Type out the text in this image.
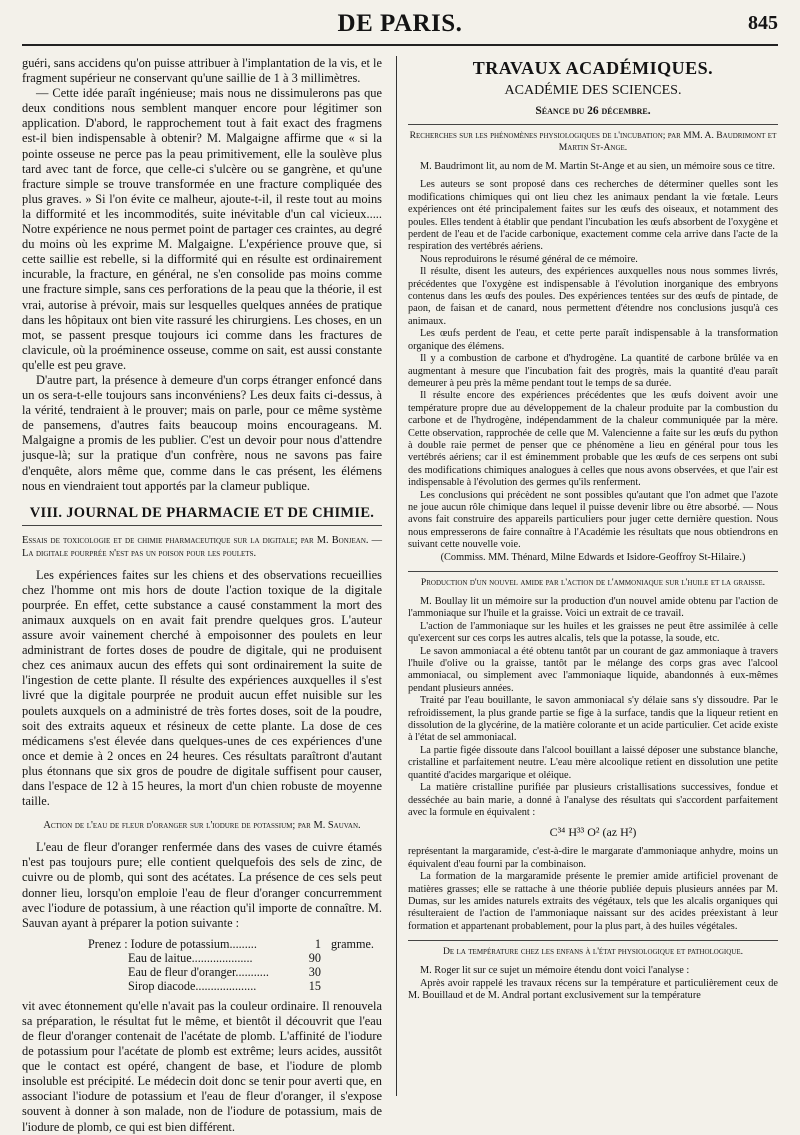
DE PARIS.	845

guéri, sans accidens qu'on puisse attribuer à l'implantation de la vis, et le fragment supérieur ne conservant qu'une saillie de 1 à 3 millimètres.

— Cette idée paraît ingénieuse; mais nous ne dissimulerons pas que deux conditions nous semblent manquer encore pour légitimer son application. D'abord, le rapprochement tout à fait exact des fragmens est-il bien indispensable à obtenir? M. Malgaigne affirme que « si la pointe osseuse ne perce pas la peau primitivement, elle la soulève plus tard avec tant de force, que celle-ci s'ulcère ou se gangrène, et qu'une fracture simple se trouve transformée en une fracture compliquée des plus graves. » Si l'on évite ce malheur, ajoute-t-il, il reste tout au moins la difformité et les incommodités, suite inévitable d'un cal vicieux..... Notre expérience ne nous permet point de partager ces craintes, au degré du moins où les exprime M. Malgaigne. L'expérience prouve que, si cette saillie est rebelle, si la difformité qui en résulte est ordinairement incurable, la fracture, en général, ne s'en consolide pas moins comme une fracture simple, sans ces perforations de la peau que la théorie, il est vrai, autorise à prévoir, mais sur lesquelles quelques années de pratique dans les hôpitaux ont bien vite rassuré les chirurgiens. Les choses, en un mot, se passent presque toujours ici comme dans les fractures de clavicule, où la proéminence osseuse, comme on sait, est aussi constante qu'elle est peu grave.

D'autre part, la présence à demeure d'un corps étranger enfoncé dans un os sera-t-elle toujours sans inconvéniens? Les deux faits ci-dessus, à la vérité, tendraient à le prouver; mais on parle, pour ce même système de pansemens, d'autres faits beaucoup moins encourageans. M. Malgaigne a promis de les publier. C'est un devoir pour nous d'attendre jusque-là; sur la pratique d'un confrère, nous ne savons pas faire d'enquête, alors même que, comme dans le cas présent, les élémens nous en viendraient tout apportés par la clameur publique.

VIII. JOURNAL DE PHARMACIE ET DE CHIMIE.
Essais de toxicologie et de chimie pharmaceutique sur la digitale; par M. Bonjean. — La digitale pourprée n'est pas un poison pour les poulets.

Les expériences faites sur les chiens et des observations recueillies chez l'homme ont mis hors de doute l'action toxique de la digitale pourprée. En effet, cette substance a causé constamment la mort des animaux auxquels on en avait fait prendre quelques gros. L'auteur assure avoir vainement cherché à empoisonner des poulets en leur administrant de fortes doses de poudre de digitale, qui ne produisent chez ces animaux aucun des effets qui sont ordinairement la suite de l'ingestion de cette plante. Il résulte des expériences auxquelles il s'est livré que la digitale pourprée ne produit aucun effet nuisible sur les poulets auxquels on a administré de très fortes doses, soit de la poudre, soit des extraits aqueux et résineux de cette plante. La dose de ces médicamens s'est élevée dans quelques-unes de ces expériences d'une once et demie à 2 onces en 24 heures. Ces résultats paraîtront d'autant plus étonnans que six gros de poudre de digitale suffisent pour causer, dans l'espace de 12 à 15 heures, la mort d'un chien robuste de moyenne taille.

Action de l'eau de fleur d'oranger sur l'iodure de potassium; par M. Sauvan.

L'eau de fleur d'oranger renfermée dans des vases de cuivre étamés n'est pas toujours pure; elle contient quelquefois des sels de zinc, de cuivre ou de plomb, qui sont des acétates. La présence de ces sels peut donner lieu, lorsqu'on emploie l'eau de fleur d'oranger concurremment avec l'iodure de potassium, à une réaction qu'il importe de connaître. M. Sauvan ayant à préparer la potion suivante :

Prenez : Iodure de potassium.........	1	gramme.
Eau de laitue....................	90	
Eau de fleur d'oranger...........	30	
Sirop diacode....................	15	

vit avec étonnement qu'elle n'avait pas la couleur ordinaire. Il renouvela sa préparation, le résultat fut le même, et bientôt il découvrit que l'eau de fleur d'oranger contenait de l'acétate de plomb. L'affinité de l'iodure de potassium pour l'acétate de plomb est extrême; leurs acides, aussitôt que le contact est opéré, changent de base, et l'iodure de plomb insoluble est précipité. Le médecin doit donc se tenir pour averti que, en associant l'iodure de potassium et l'eau de fleur d'oranger, il s'expose souvent à donner à son malade, non de l'iodure de potassium, mais de l'iodure de plomb, ce qui est bien différent.

TRAVAUX ACADÉMIQUES.
ACADÉMIE DES SCIENCES.
Séance du 26 décembre.
Recherches sur les phénomènes physiologiques de l'incubation; par MM. A. Baudrimont et Martin St-Ange.

M. Baudrimont lit, au nom de M. Martin St-Ange et au sien, un mémoire sous ce titre.

Les auteurs se sont proposé dans ces recherches de déterminer quelles sont les modifications chimiques qui ont lieu chez les animaux pendant la vie fœtale. Leurs expériences ont été principalement faites sur les œufs des oiseaux, et notamment des poules. Elles tendent à établir que pendant l'incubation les œufs absorbent de l'oxygène et perdent de l'eau et de l'acide carbonique, exactement comme cela arrive dans l'acte de la respiration des vertébrés aériens.

Nous reproduirons le résumé général de ce mémoire.

Il résulte, disent les auteurs, des expériences auxquelles nous nous sommes livrés, précédentes que l'oxygène est indispensable à l'évolution inorganique des embryons contenus dans les œufs des poules. Des expériences tentées sur des œufs de pintade, de paon, de faisan et de canard, nous permettent d'étendre nos conclusions jusqu'à ces animaux.

Les œufs perdent de l'eau, et cette perte paraît indispensable à la transformation organique des élémens.

Il y a combustion de carbone et d'hydrogène. La quantité de carbone brûlée va en augmentant à mesure que l'incubation fait des progrès, mais la quantité d'eau paraît demeurer à peu près la même pendant tout le temps de sa durée.

Il résulte encore des expériences précédentes que les œufs doivent avoir une température propre due au développement de la chaleur produite par la combustion du carbone et de l'hydrogène, indépendamment de la chaleur communiquée par la mère. Cette observation, rapprochée de celle que M. Valencienne a faite sur les œufs du python à double raie permet de penser que ce phénomène a lieu en général pour tous les vertébrés aériens; car il est éminemment probable que les œufs de ces serpens ont subi des modifications chimiques analogues à celles que nous avons observées, et que l'air est indispensable à l'évolution des germes qu'ils renferment.

Les conclusions qui précèdent ne sont possibles qu'autant que l'on admet que l'azote ne joue aucun rôle chimique dans lequel il puisse devenir libre ou être absorbé. — Nous avons fait construire des appareils particuliers pour juger cette dernière question. Nous nous empresserons de faire connaître à l'Académie les résultats que nous obtiendrons en suivant cette nouvelle voie.

(Commiss. MM. Thénard, Milne Edwards et Isidore-Geoffroy St-Hilaire.)

Production d'un nouvel amide par l'action de l'ammoniaque sur l'huile et la graisse.

M. Boullay lit un mémoire sur la production d'un nouvel amide obtenu par l'action de l'ammoniaque sur l'huile et la graisse. Voici un extrait de ce travail.

L'action de l'ammoniaque sur les huiles et les graisses ne peut être assimilée à celle qu'exercent sur ces corps les autres alcalis, tels que la potasse, la soude, etc.

Le savon ammoniacal a été obtenu tantôt par un courant de gaz ammoniaque à travers l'huile d'olive ou la graisse, tantôt par le mélange des corps gras avec l'alcool ammoniacal, ou simplement avec l'ammoniaque liquide, abandonnés à eux-mêmes pendant plusieurs années.

Traité par l'eau bouillante, le savon ammoniacal s'y délaie sans s'y dissoudre. Par le refroidissement, la plus grande partie se fige à la surface, tandis que la liqueur retient en dissolution de la glycérine, de la matière colorante et un acide particulier. Cet acide existe à l'état de sel ammoniacal.

La partie figée dissoute dans l'alcool bouillant a laissé déposer une substance blanche, cristalline et parfaitement neutre. L'eau mère alcoolique retient en dissolution une petite quantité d'acides margarique et oléique.

La matière cristalline purifiée par plusieurs cristallisations successives, fondue et desséchée au bain marie, a donné à l'analyse des résultats qui s'accordent parfaitement avec la formule en équivalent :

C³⁴ H³³ O² (az H²)

représentant la margaramide, c'est-à-dire le margarate d'ammoniaque anhydre, moins un équivalent d'eau fourni par la combinaison.

La formation de la margaramide présente le premier amide artificiel provenant de matières grasses; elle se rattache à une théorie publiée depuis plusieurs années par M. Dumas, sur les amides naturels extraits des végétaux, tels que les alcalis organiques qui résulteraient de l'action de l'ammoniaque naissant sur des acides préexistant à leur formation et appartenant probablement, pour la plus part, à des huiles végétales.

De la température chez les enfans à l'état physiologique et pathologique.

M. Roger lit sur ce sujet un mémoire étendu dont voici l'analyse :

Après avoir rappelé les travaux récens sur la température et particulièrement ceux de M. Bouillaud et de M. Andral portant exclusivement sur la température
